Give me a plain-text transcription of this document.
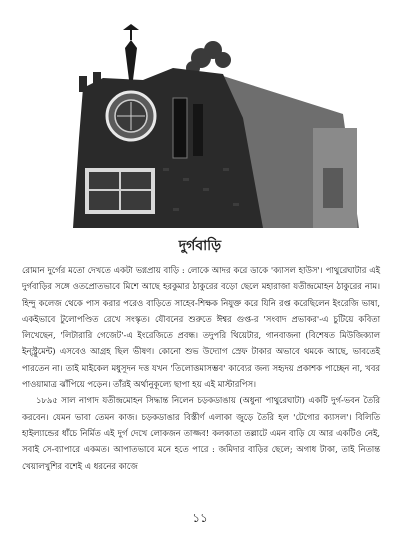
দুর্গবাড়ি

রোমান দুর্গের মতো দেখতে একটা ভগ্নপ্রায় বাড়ি : লোকে আদর করে ডাকে 'ক্যাসল হাউস'। পাথুরেঘাটার এই দুর্গবাড়ির সঙ্গে ওতপ্রোতভাবে মিশে আছে হরকুমার ঠাকুরের বড়ো ছেলে মহারাজা যতীন্দ্রমোহন ঠাকুরের নাম। হিন্দু কলেজ থেকে পাস করার পরেও বাড়িতে সাহেব-শিক্ষক নিযুক্ত করে যিনি রপ্ত করেছিলেন ইংরেজি ভাষা, একইভাবে টুলোপণ্ডিত রেখে সংস্কৃত। যৌবনের শুরুতে ঈশ্বর গুপ্ত-র 'সংবাদ প্রভাকর'-এ চুটিয়ে কবিতা লিখেছেন, 'লিটারারি গেজেট'-এ ইংরেজিতে প্রবন্ধ। তদুপরি থিয়েটার, গানবাজনা (বিশেষত মিউজিক্যাল ইন্স্ট্রুমেন্ট) এসবেও আগ্রহ ছিল ভীষণ। কোনো শুভ উদ্যোগ স্রেফ টাকার অভাবে থমকে আছে, ভাবতেই পারতেন না। তাই মাইকেল মধুসূদন দত্ত যখন 'তিলোত্তমাসম্ভব' কাব্যের জন্য সহৃদয় প্রকাশক পাচ্ছেন না, খবর পাওয়ামাত্র ঝাঁপিয়ে পড়েন। তাঁরই অর্থানুকূল্যে ছাপা হয় এই মাস্টারপিস।

১৮৯৫ সাল নাগাদ যতীন্দ্রমোহন সিদ্ধান্ত নিলেন চড়কডাঙায় (অধুনা পাথুরেঘাটা) একটি দুর্গ-ভবন তৈরি করবেন। যেমন ভাবা তেমন কাজ। চড়কডাঙার বিস্তীর্ণ এলাকা জুড়ে তৈরি হল 'টেগোর ক্যাসল'। বিলিতি হাইল্যান্ডের ধাঁচে নির্মিত এই দুর্গ দেখে লোকজন তাজ্জব! কলকাতা তল্লাটে এমন বাড়ি যে আর একটিও নেই, সবাই সে-ব্যাপারে একমত। আপাতভাবে মনে হতে পারে : জমিদার বাড়ির ছেলে; অগাধ টাকা, তাই নিতান্ত খেয়ালখুশির বশেই এ ধরনের কাজে

১১
